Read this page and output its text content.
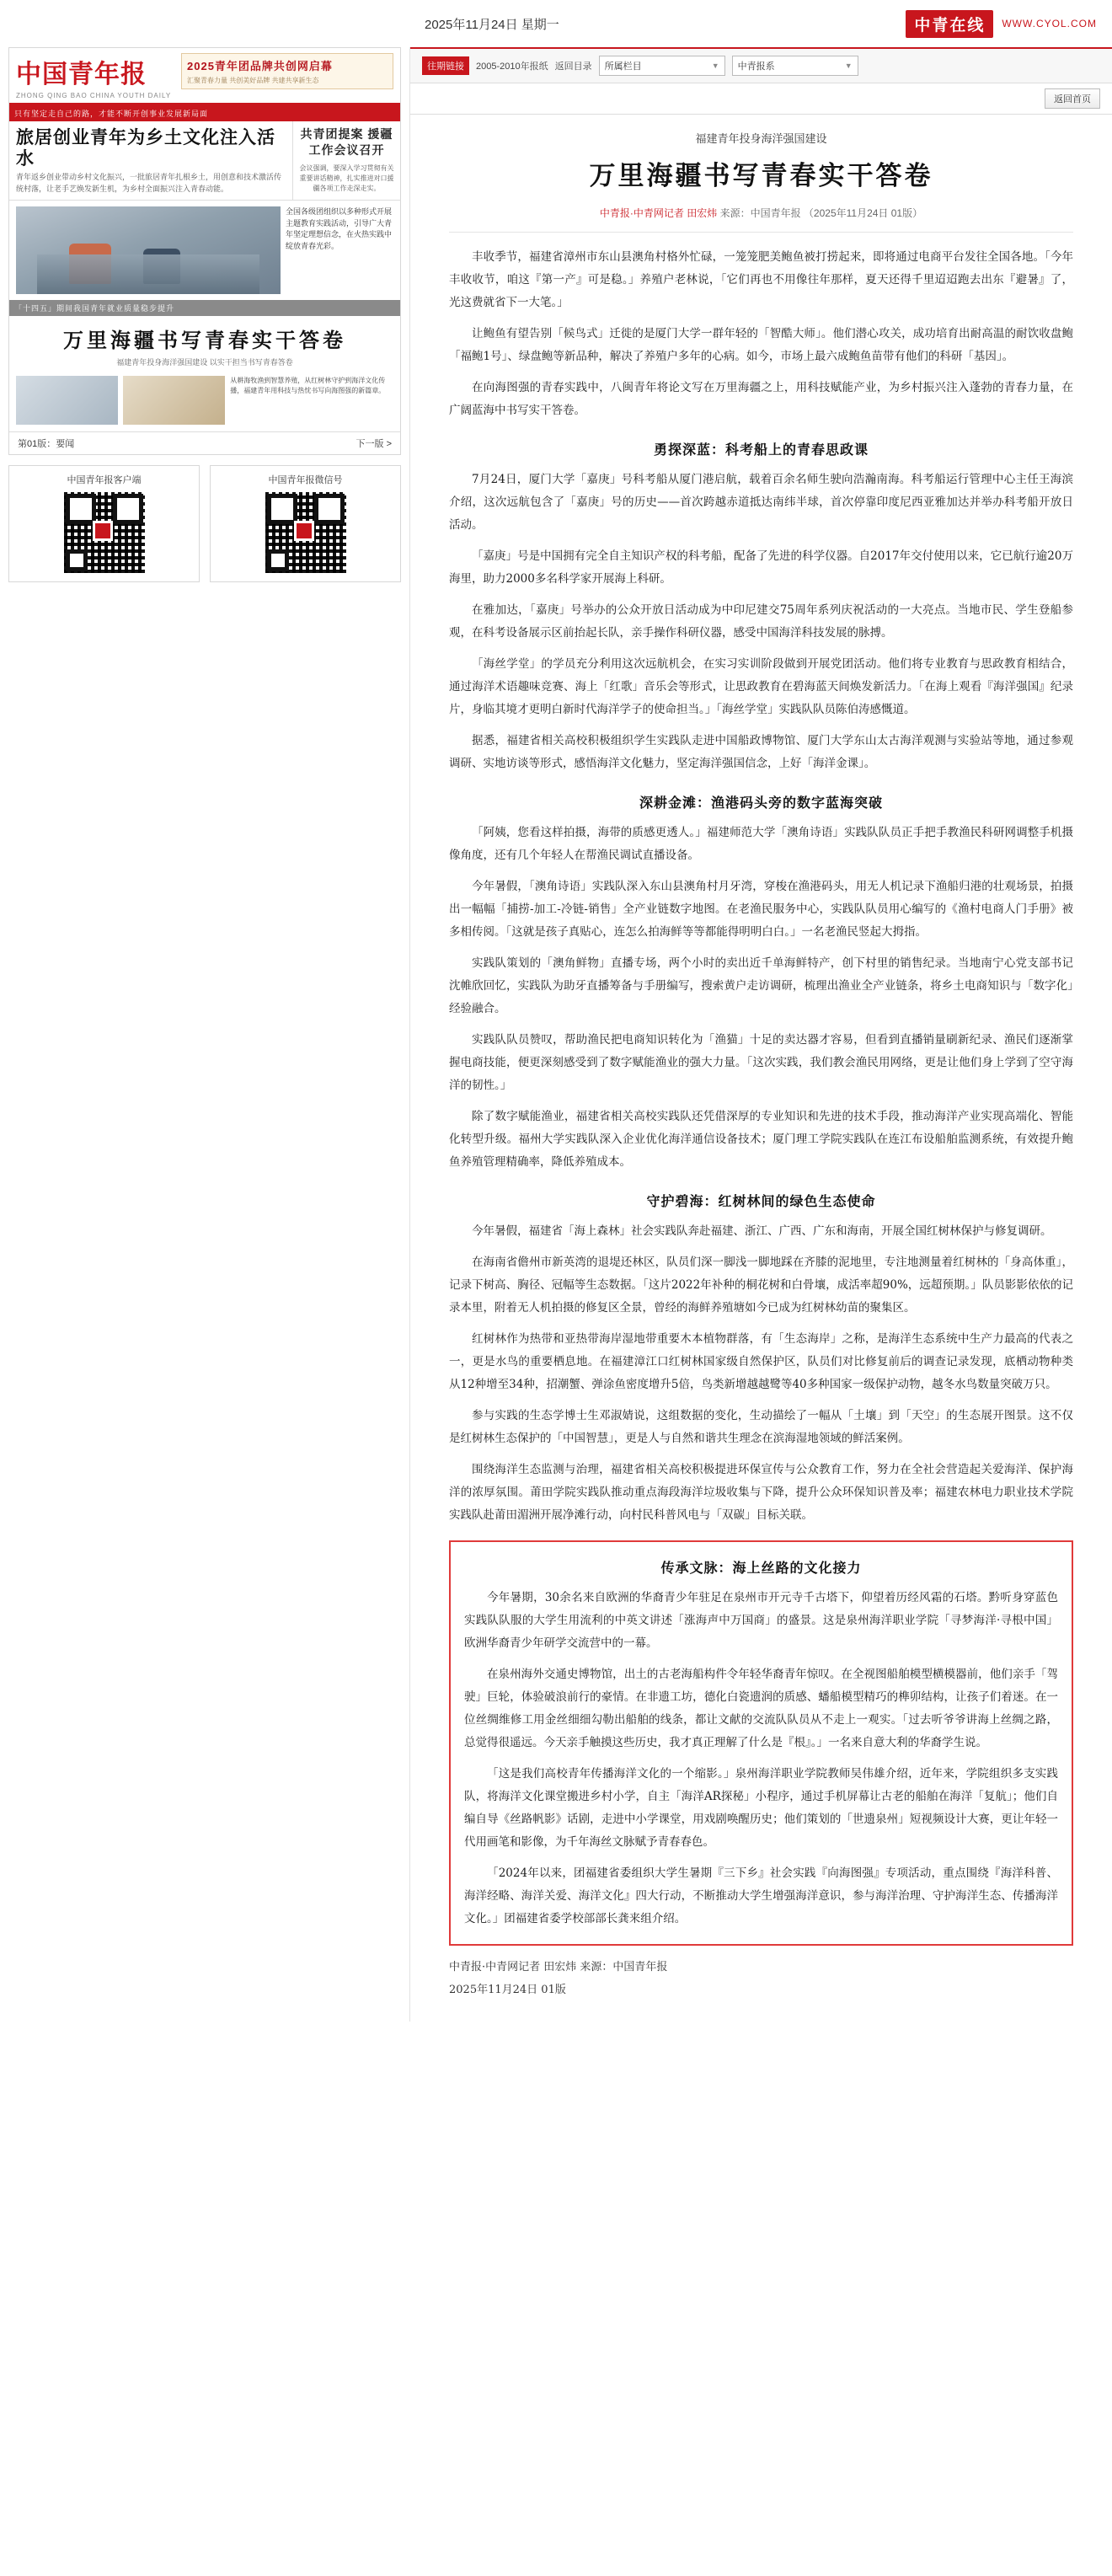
2025年11月24日 星期一	中青在线	WWW.CYOL.COM
中国青年报
ZHONG QING BAO CHINA YOUTH DAILY
2025青年团品牌共创网启幕
汇聚青春力量 共创美好品牌 共建共享新生态
只有坚定走自己的路，才能不断开创事业发展新局面
旅居创业青年为乡土文化注入活水
青年返乡创业带动乡村文化振兴，一批旅居青年扎根乡土，用创意和技术激活传统村落，让老手艺焕发新生机，为乡村全面振兴注入青春动能。
共青团提案 援疆工作会议召开
会议强调，要深入学习贯彻有关重要讲话精神，扎实推进对口援疆各项工作走深走实。
全国各级团组织以多种形式开展主题教育实践活动，引导广大青年坚定理想信念，在火热实践中绽放青春光彩。
「十四五」期间我国青年就业质量稳步提升
万里海疆书写青春实干答卷
福建青年投身海洋强国建设 以实干担当书写青春答卷
从耕海牧渔到智慧养殖，从红树林守护到海洋文化传播，福建青年用科技与热忱书写向海图强的新篇章。
第01版：要闻	下一版 >
中国青年报客户端	中国青年报微信号
往期链接	2005-2010年报纸 返回目录 所属栏目	▼ 中青报系	▼
返回首页
福建青年投身海洋强国建设
万里海疆书写青春实干答卷
中青报·中青网记者 田宏炜 来源：中国青年报 （2025年11月24日 01版）

丰收季节，福建省漳州市东山县澳角村格外忙碌，一笼笼肥美鲍鱼被打捞起来，即将通过电商平台发往全国各地。「今年丰收收节，咱这『第一产』可是稳。」养殖户老林说，「它们再也不用像往年那样，夏天还得千里迢迢跑去出东『避暑』了，光这费就省下一大笔。」

让鲍鱼有望告别「候鸟式」迁徙的是厦门大学一群年轻的「智酷大师」。他们潜心攻关，成功培育出耐高温的耐饮收盘鲍「福鲍1号」、绿盘鲍等新品种，解决了养殖户多年的心病。如今，市场上最六成鲍鱼苗带有他们的科研「基因」。

在向海图强的青春实践中，八闽青年将论文写在万里海疆之上，用科技赋能产业，为乡村振兴注入蓬勃的青春力量，在广阔蓝海中书写实干答卷。

勇探深蓝：科考船上的青春思政课

7月24日，厦门大学「嘉庚」号科考船从厦门港启航，载着百余名师生驶向浩瀚南海。科考船运行管理中心主任王海滨介绍，这次远航包含了「嘉庚」号的历史——首次跨越赤道抵达南纬半球，首次停靠印度尼西亚雅加达并举办科考船开放日活动。

「嘉庚」号是中国拥有完全自主知识产权的科考船，配备了先进的科学仪器。自2017年交付使用以来，它已航行逾20万海里，助力2000多名科学家开展海上科研。

在雅加达，「嘉庚」号举办的公众开放日活动成为中印尼建交75周年系列庆祝活动的一大亮点。当地市民、学生登船参观，在科考设备展示区前抬起长队，亲手操作科研仪器，感受中国海洋科技发展的脉搏。

「海丝学堂」的学员充分利用这次远航机会，在实习实训阶段做到开展党团活动。他们将专业教育与思政教育相结合，通过海洋术语趣味竞赛、海上「红歌」音乐会等形式，让思政教育在碧海蓝天间焕发新活力。「在海上观看『海洋强国』纪录片，身临其境才更明白新时代海洋学子的使命担当。」「海丝学堂」实践队队员陈伯涛感慨道。

据悉，福建省相关高校积极组织学生实践队走进中国船政博物馆、厦门大学东山太古海洋观测与实验站等地，通过参观调研、实地访谈等形式，感悟海洋文化魅力，坚定海洋强国信念，上好「海洋金课」。

深耕金滩：渔港码头旁的数字蓝海突破

「阿姨，您看这样拍摄，海带的质感更透人。」福建师范大学「澳角诗语」实践队队员正手把手教渔民科研网调整手机摄像角度，还有几个年轻人在帮渔民调试直播设备。

今年暑假，「澳角诗语」实践队深入东山县澳角村月牙湾，穿梭在渔港码头，用无人机记录下渔船归港的壮观场景，拍摄出一幅幅「捕捞-加工-冷链-销售」全产业链数字地图。在老渔民服务中心，实践队队员用心编写的《渔村电商人门手册》被多相传阅。「这就是孩子真贴心，连怎么拍海鲜等等都能得明明白白。」一名老渔民竖起大拇指。

实践队策划的「澳角鲜物」直播专场，两个小时的卖出近千单海鲜特产，创下村里的销售纪录。当地南宁心党支部书记沈帷欣回忆，实践队为助牙直播筹备与手册编写，搜索黄户走访调研，梳理出渔业全产业链条，将乡土电商知识与「数字化」经验融合。

实践队队员赞叹，帮助渔民把电商知识转化为「渔猫」十足的卖达器才容易，但看到直播销量刷新纪录、渔民们逐渐掌握电商技能，便更深刻感受到了数字赋能渔业的强大力量。「这次实践，我们教会渔民用网络，更是让他们身上学到了空守海洋的韧性。」

除了数字赋能渔业，福建省相关高校实践队还凭借深厚的专业知识和先进的技术手段，推动海洋产业实现高端化、智能化转型升级。福州大学实践队深入企业优化海洋通信设备技术；厦门理工学院实践队在连江布设船舶监测系统，有效提升鲍鱼养殖管理精确率，降低养殖成本。

守护碧海：红树林间的绿色生态使命

今年暑假，福建省「海上森林」社会实践队奔赴福建、浙江、广西、广东和海南，开展全国红树林保护与修复调研。

在海南省儋州市新英湾的退堤还林区，队员们深一脚浅一脚地踩在齐膝的泥地里，专注地测量着红树林的「身高体重」，记录下树高、胸径、冠幅等生态数据。「这片2022年补种的桐花树和白骨壤，成活率超90%，远超预期。」队员影影依依的记录本里，附着无人机拍摄的修复区全景，曾经的海鲜养殖塘如今已成为红树林幼苗的聚集区。

红树林作为热带和亚热带海岸湿地带重要木本植物群落，有「生态海岸」之称，是海洋生态系统中生产力最高的代表之一，更是水鸟的重要栖息地。在福建漳江口红树林国家级自然保护区，队员们对比修复前后的调查记录发现，底栖动物种类从12种增至34种，招潮蟹、弹涂鱼密度增升5倍，鸟类新增越越鹭等40多种国家一级保护动物，越冬水鸟数量突破万只。

参与实践的生态学博士生邓淑婧说，这组数据的变化，生动描绘了一幅从「土壤」到「天空」的生态展开图景。这不仅是红树林生态保护的「中国智慧」，更是人与自然和谐共生理念在滨海湿地领域的鲜活案例。

围绕海洋生态监测与治理，福建省相关高校积极提进环保宣传与公众教育工作，努力在全社会营造起关爱海洋、保护海洋的浓厚氛围。莆田学院实践队推动重点海段海洋垃圾收集与下降，提升公众环保知识普及率；福建农林电力职业技术学院实践队赴莆田湄洲开展净滩行动，向村民科普风电与「双碳」目标关联。

传承文脉：海上丝路的文化接力

今年暑期，30余名来自欧洲的华裔青少年驻足在泉州市开元寺千古塔下，仰望着历经风霜的石塔。黔听身穿蓝色实践队队服的大学生用流利的中英文讲述「涨海声中万国商」的盛景。这是泉州海洋职业学院「寻梦海洋·寻根中国」欧洲华裔青少年研学交流营中的一幕。

在泉州海外交通史博物馆，出土的古老海船构件令年轻华裔青年惊叹。在全视图船舶模型横模器前，他们亲手「驾驶」巨轮，体验破浪前行的豪情。在非遗工坊，德化白瓷遗润的质感、蟠船模型精巧的榫卯结构，让孩子们着迷。在一位丝绸维修工用金丝细细勾勒出船舶的线条，都让文献的交流队队员从不走上一观实。「过去听爷爷讲海上丝绸之路，总觉得很遥远。今天亲手触摸这些历史，我才真正理解了什么是『根』。」一名来自意大利的华裔学生说。

「这是我们高校青年传播海洋文化的一个缩影。」泉州海洋职业学院教师吴伟雄介绍，近年来，学院组织多支实践队，将海洋文化课堂搬进乡村小学，自主「海洋AR探秘」小程序，通过手机屏幕让古老的船舶在海洋「复航」；他们自编自导《丝路帆影》话剧，走进中小学课堂，用戏剧唤醒历史；他们策划的「世遗泉州」短视频设计大赛，更让年轻一代用画笔和影像，为千年海丝文脉赋予青春春色。

「2024年以来，团福建省委组织大学生暑期『三下乡』社会实践『向海图强』专项活动，重点围绕『海洋科普、海洋经略、海洋关爱、海洋文化』四大行动，不断推动大学生增强海洋意识，参与海洋治理、守护海洋生态、传播海洋文化。」团福建省委学校部部长龚来组介绍。

中青报·中青网记者 田宏炜 来源：中国青年报
2025年11月24日 01版
